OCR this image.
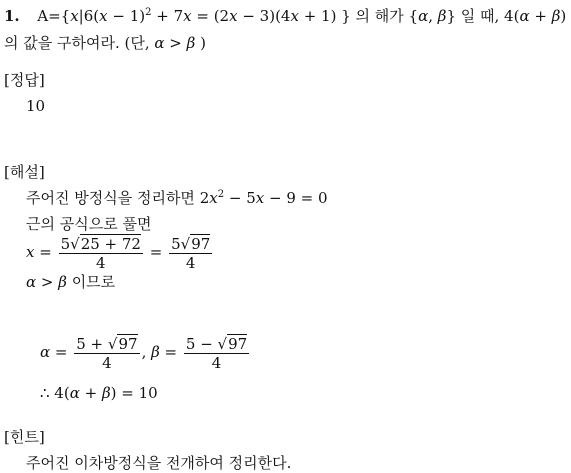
1. $A=\{x|6(x - 1)^2 + 7x = (2x - 3)(4x + 1)$ } 의 해가 {α, β} 일 때, 4(α + β)
의 값을 구하여라. (단, α > β )
[정답]
10
[해설]
주어진 방정식을 정리하면 $2x^2 - 5x - 9 = 0$
근의 공식으로 풀면
$x = \frac{5√25 + 72}{4} = \frac{5√97}{4}$
α > β 이므로
$\alpha = \frac{5 + √97}{4}$ , $\beta = \frac{5 - √97}{4}$
∴ 4(α + β) = 10
[힌트]
주어진 이차방정식을 전개하여 정리한다.
